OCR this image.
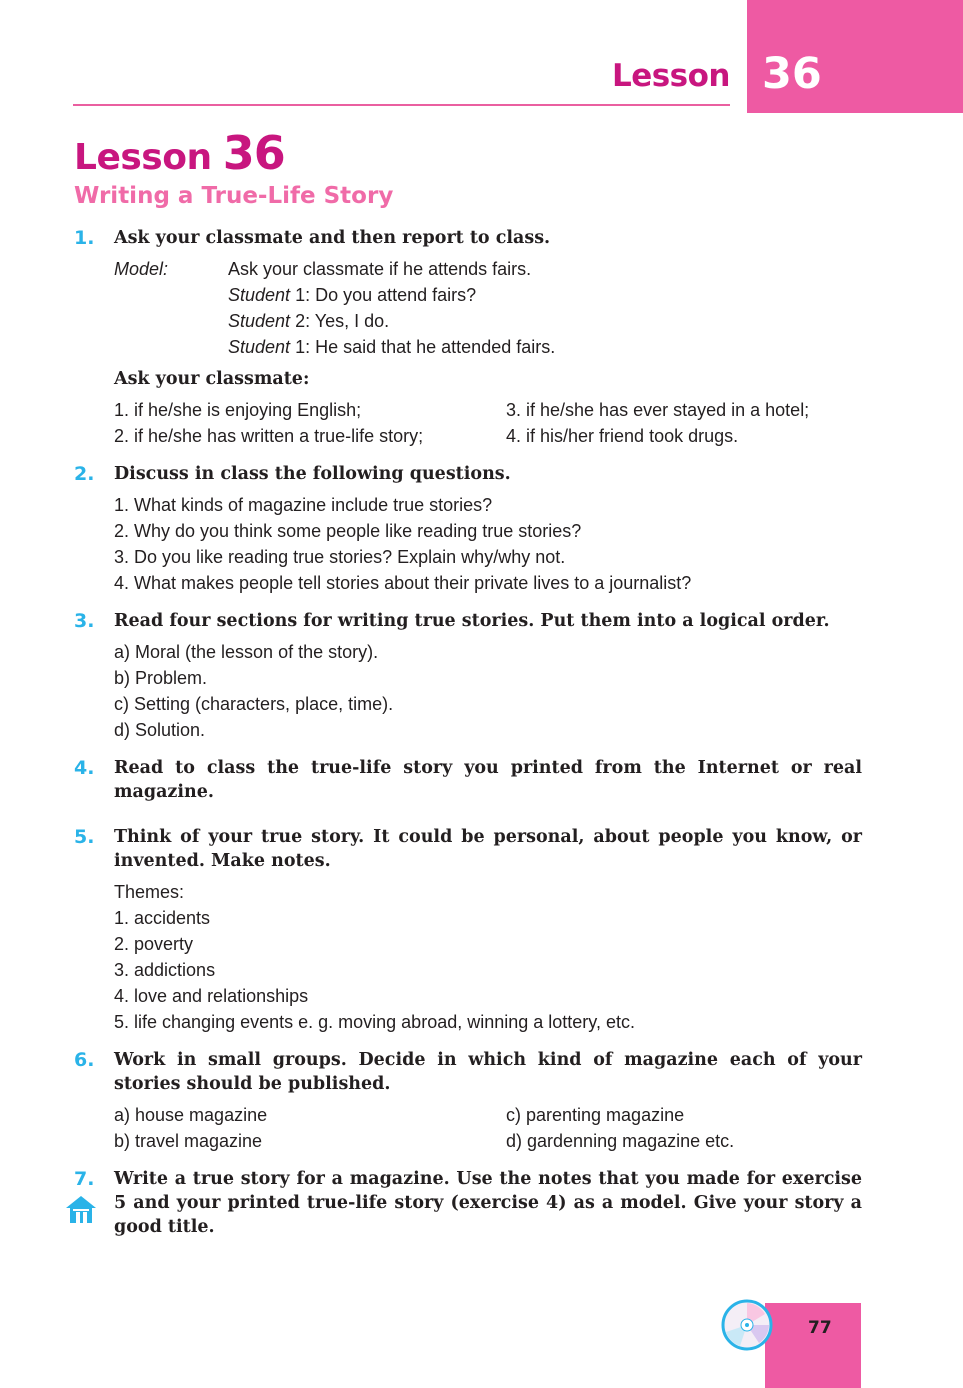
Lesson 36
Lesson 36
Writing a True-Life Story
1. Ask your classmate and then report to class.
Model:	Ask your classmate if he attends fairs.
Student 1: Do you attend fairs?
Student 2: Yes, I do.
Student 1: He said that he attended fairs.
Ask your classmate:
1. if he/she is enjoying English;
2. if he/she has written a true-life story;
3. if he/she has ever stayed in a hotel;
4. if his/her friend took drugs.
2. Discuss in class the following questions.
1. What kinds of magazine include true stories?
2. Why do you think some people like reading true stories?
3. Do you like reading true stories? Explain why/why not.
4. What makes people tell stories about their private lives to a journalist?
3. Read four sections for writing true stories. Put them into a logical order.
a) Moral (the lesson of the story).
b) Problem.
c) Setting (characters, place, time).
d) Solution.
4. Read to class the true-life story you printed from the Internet or real magazine.
5. Think of your true story. It could be personal, about people you know, or invented. Make notes.
Themes:
1. accidents
2. poverty
3. addictions
4. love and relationships
5. life changing events e. g. moving abroad, winning a lottery, etc.
6. Work in small groups. Decide in which kind of magazine each of your stories should be published.
a) house magazine
b) travel magazine
c) parenting magazine
d) gardenning magazine etc.
7. Write a true story for a magazine. Use the notes that you made for exercise 5 and your printed true-life story (exercise 4) as a model. Give your story a good title.
77
